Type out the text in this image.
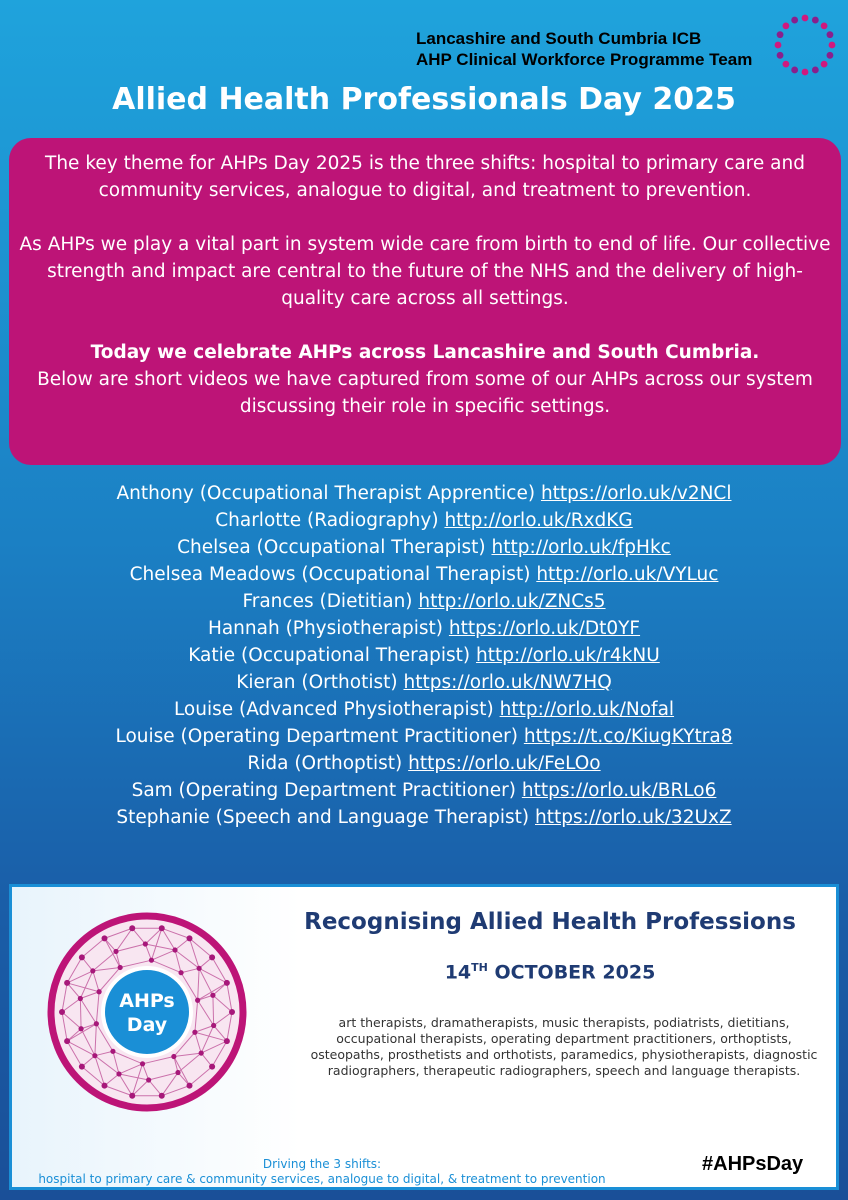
Lancashire and South Cumbria ICB
AHP Clinical Workforce Programme Team
Allied Health Professionals Day 2025

The key theme for AHPs Day 2025 is the three shifts: hospital to primary care and community services, analogue to digital, and treatment to prevention.

As AHPs we play a vital part in system wide care from birth to end of life. Our collective strength and impact are central to the future of the NHS and the delivery of high-quality care across all settings.

Today we celebrate AHPs across Lancashire and South Cumbria.

Below are short videos we have captured from some of our AHPs across our system discussing their role in specific settings.

Anthony (Occupational Therapist Apprentice) https://orlo.uk/v2NCl
Charlotte (Radiography) http://orlo.uk/RxdKG
Chelsea (Occupational Therapist) http://orlo.uk/fpHkc
Chelsea Meadows (Occupational Therapist) http://orlo.uk/VYLuc
Frances (Dietitian) http://orlo.uk/ZNCs5
Hannah (Physiotherapist) https://orlo.uk/Dt0YF
Katie (Occupational Therapist) http://orlo.uk/r4kNU
Kieran (Orthotist) https://orlo.uk/NW7HQ
Louise (Advanced Physiotherapist) http://orlo.uk/Nofal
Louise (Operating Department Practitioner) https://t.co/KiugKYtra8
Rida (Orthoptist) https://orlo.uk/FeLOo
Sam (Operating Department Practitioner) https://orlo.uk/BRLo6
Stephanie (Speech and Language Therapist) https://orlo.uk/32UxZ
AHPs
Day
Recognising Allied Health Professions
14TH OCTOBER 2025
art therapists, dramatherapists, music therapists, podiatrists, dietitians, occupational therapists, operating department practitioners, orthoptists, osteopaths, prosthetists and orthotists, paramedics, physiotherapists, diagnostic radiographers, therapeutic radiographers, speech and language therapists.
Driving the 3 shifts:
hospital to primary care & community services, analogue to digital, & treatment to prevention
#AHPsDay
